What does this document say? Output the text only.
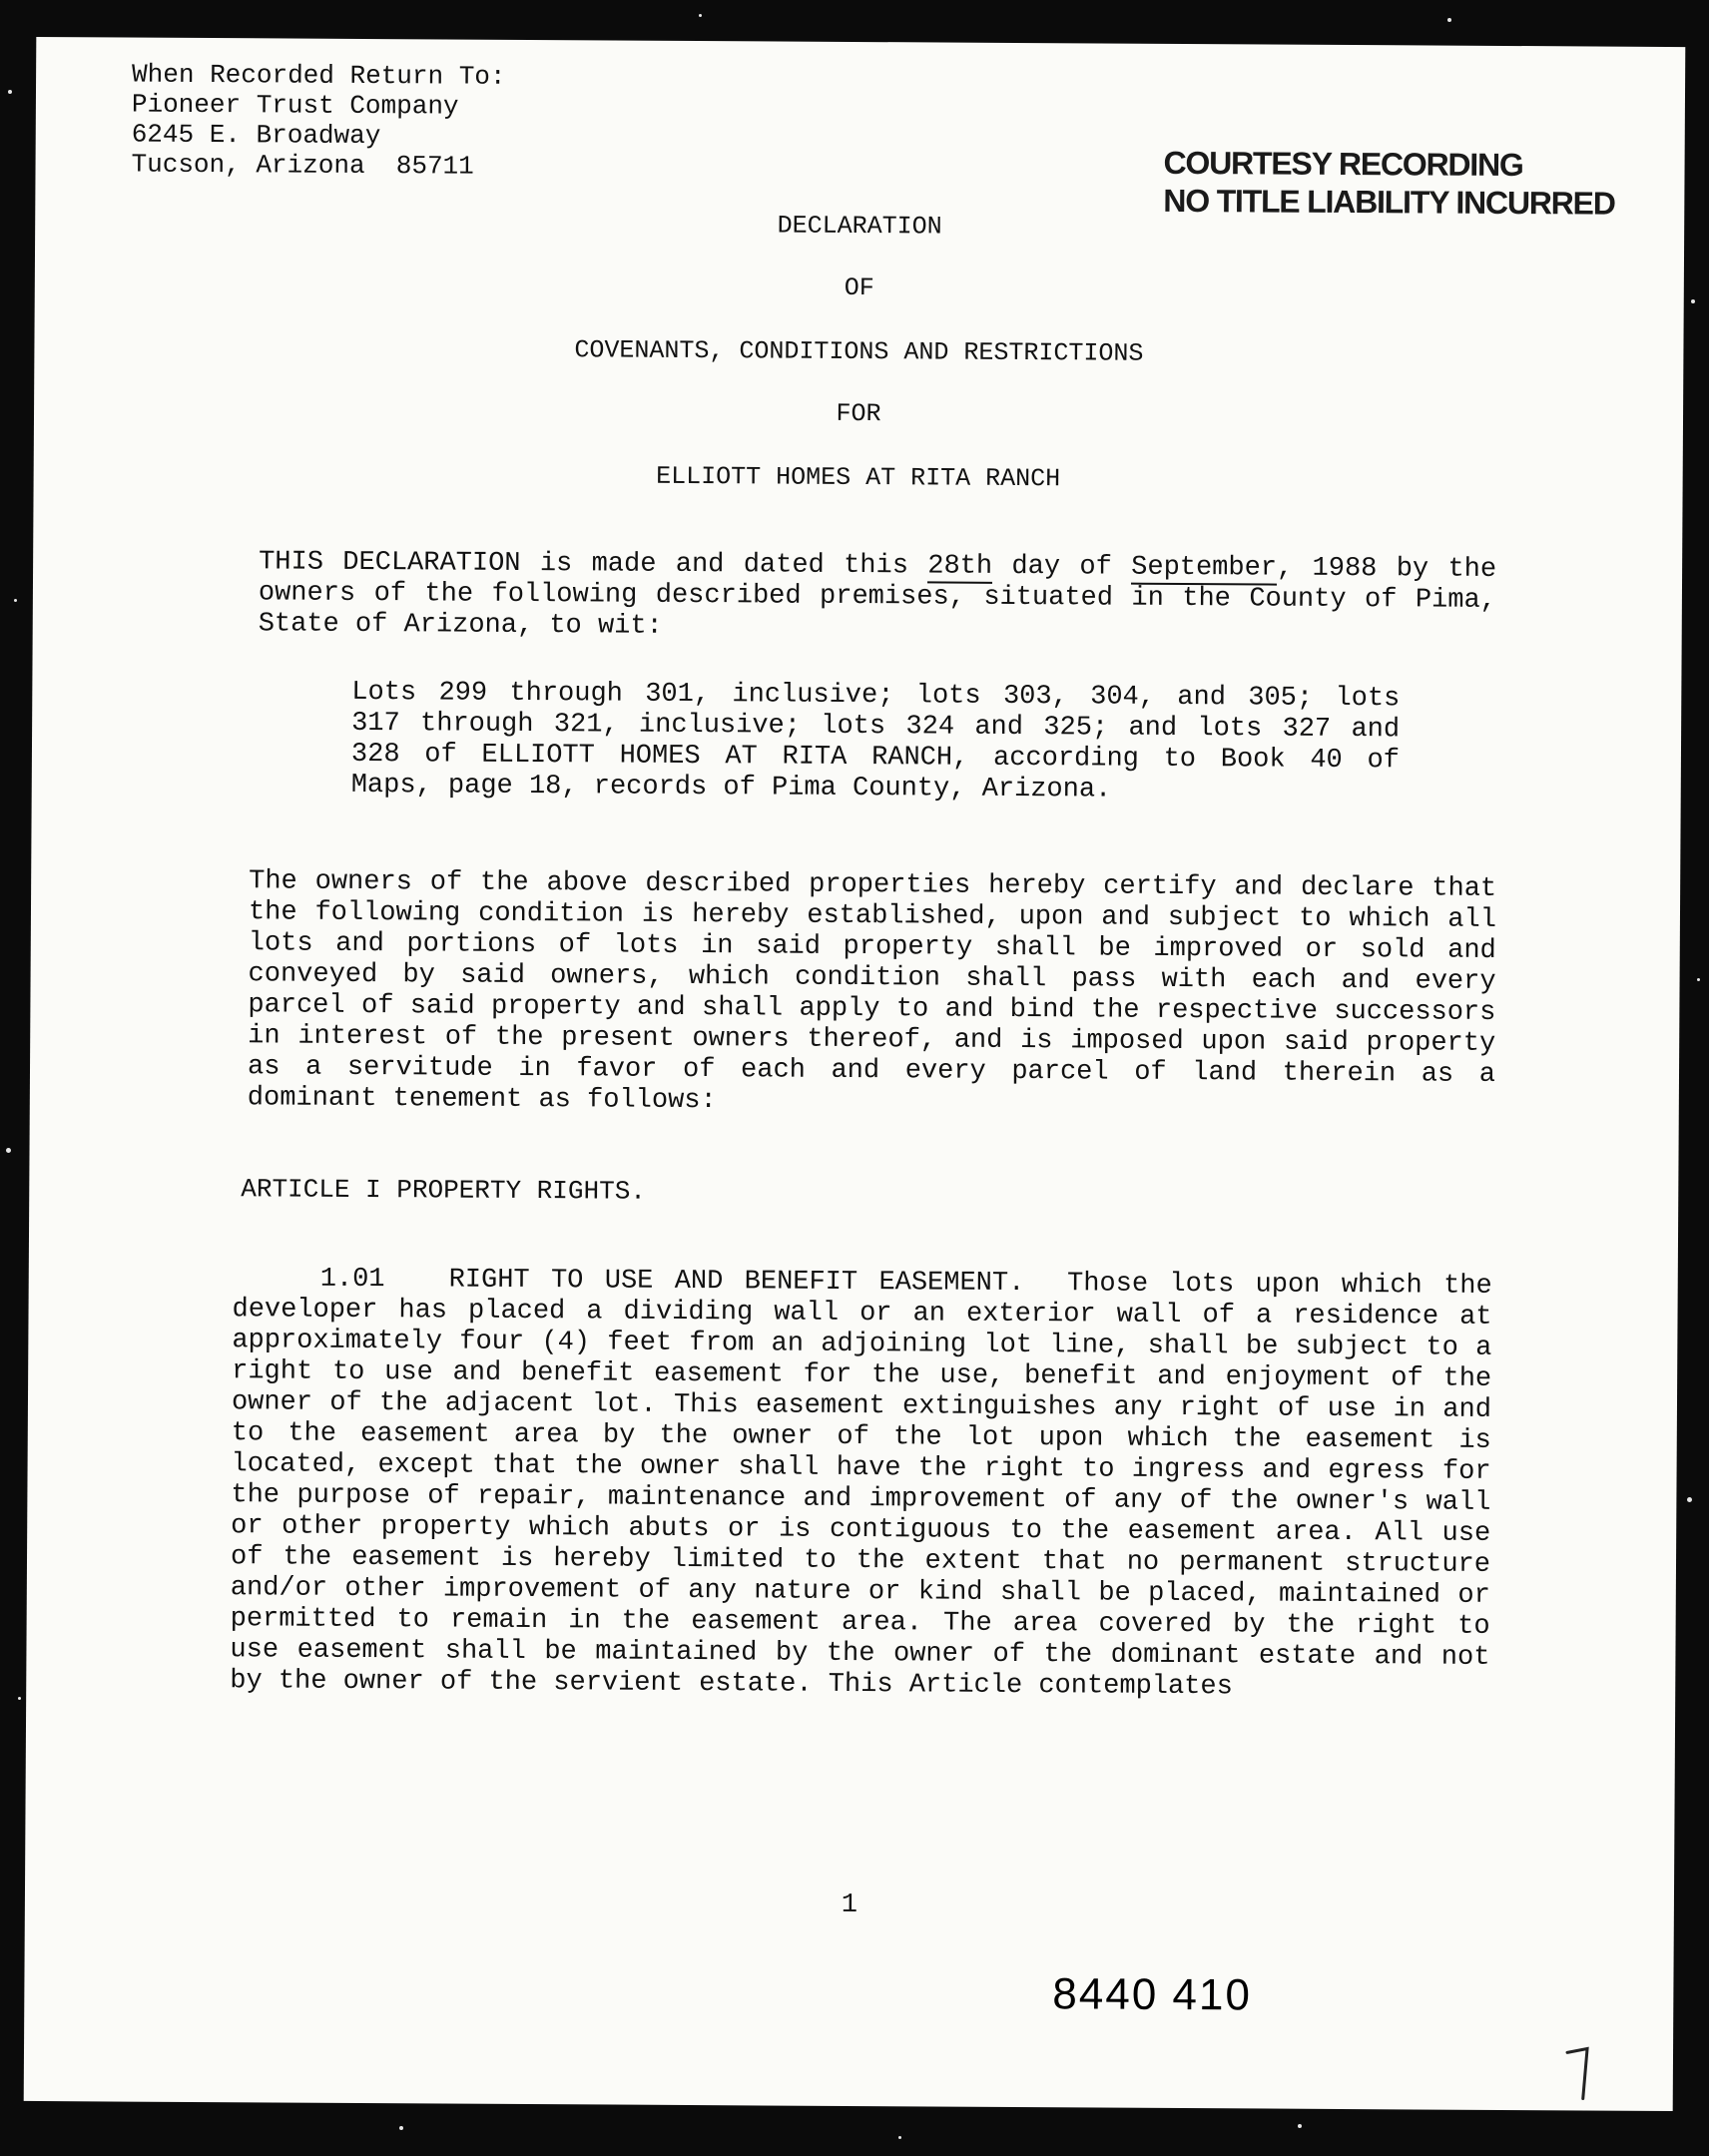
When Recorded Return To:
Pioneer Trust Company
6245 E. Broadway
Tucson, Arizona  85711	COURTESY RECORDING
NO TITLE LIABILITY INCURRED
DECLARATION
OF
COVENANTS, CONDITIONS AND RESTRICTIONS
FOR
ELLIOTT HOMES AT RITA RANCH
THIS DECLARATION is made and dated this 28th day of September, 1988 by the owners of the following described premises, situated in the County of Pima, State of Arizona, to wit:
Lots 299 through 301, inclusive; lots 303, 304, and 305; lots 317 through 321, inclusive; lots 324 and 325; and lots 327 and 328 of ELLIOTT HOMES AT RITA RANCH, according to Book 40 of Maps, page 18, records of Pima County, Arizona.
The owners of the above described properties hereby certify and declare that the following condition is hereby established, upon and subject to which all lots and portions of lots in said property shall be improved or sold and conveyed by said owners, which condition shall pass with each and every parcel of said property and shall apply to and bind the respective successors in interest of the present owners thereof, and is imposed upon said property as a servitude in favor of each and every parcel of land therein as a dominant tenement as follows:
ARTICLE I PROPERTY RIGHTS.
1.01 RIGHT TO USE AND BENEFIT EASEMENT. Those lots upon which the developer has placed a dividing wall or an exterior wall of a residence at approximately four (4) feet from an adjoining lot line, shall be subject to a right to use and benefit easement for the use, benefit and enjoyment of the owner of the adjacent lot. This easement extinguishes any right of use in and to the easement area by the owner of the lot upon which the easement is located, except that the owner shall have the right to ingress and egress for the purpose of repair, maintenance and improvement of any of the owner's wall or other property which abuts or is contiguous to the easement area. All use of the easement is hereby limited to the extent that no permanent structure and/or other improvement of any nature or kind shall be placed, maintained or permitted to remain in the easement area. The area covered by the right to use easement shall be maintained by the owner of the dominant estate and not by the owner of the servient estate. This Article contemplates
1
8440 410
